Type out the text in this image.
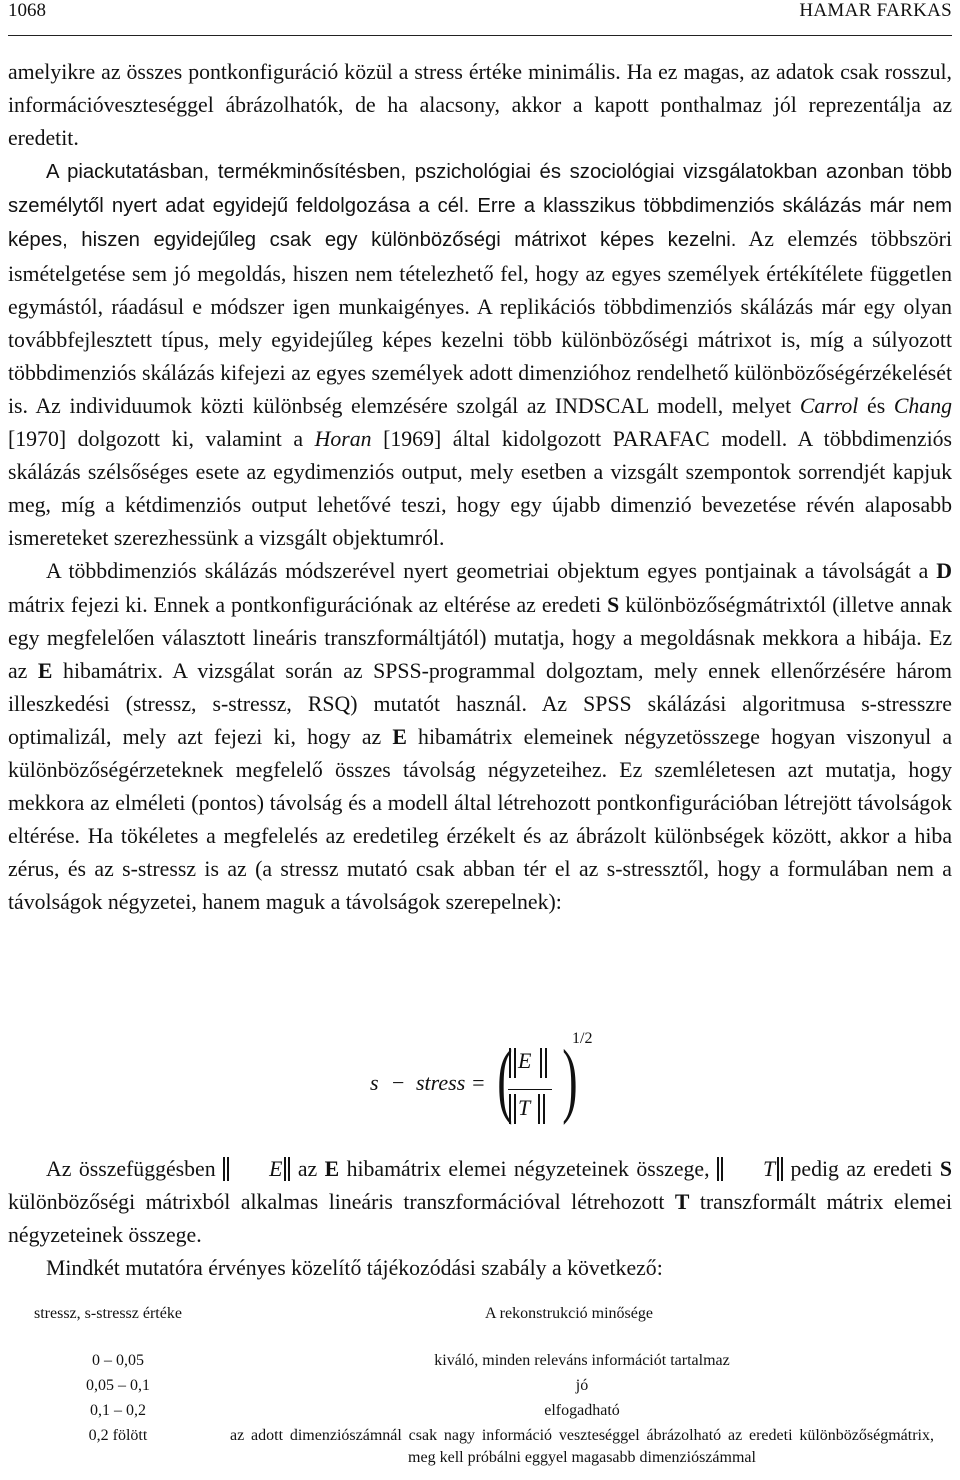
1068	HAMAR FARKAS

amelyikre az összes pontkonfiguráció közül a stress értéke minimális. Ha ez magas, az adatok csak rosszul, információveszteséggel ábrázolhatók, de ha alacsony, akkor a kapott ponthalmaz jól reprezentálja az eredetit.

A piackutatásban, termékminősítésben, pszichológiai és szociológiai vizsgálatokban azonban több személytől nyert adat egyidejű feldolgozása a cél. Erre a klasszikus többdimenziós skálázás már nem képes, hiszen egyidejűleg csak egy különbözőségi mátrixot képes kezelni. Az elemzés többszöri ismételgetése sem jó megoldás, hiszen nem tételezhető fel, hogy az egyes személyek értékítélete független egymástól, ráadásul e módszer igen munkaigényes. A replikációs többdimenziós skálázás már egy olyan továbbfejlesztett típus, mely egyidejűleg képes kezelni több különbözőségi mátrixot is, míg a súlyozott többdimenziós skálázás kifejezi az egyes személyek adott dimenzióhoz rendelhető különbözőségérzékelését is. Az individuumok közti különbség elemzésére szolgál az INDSCAL modell, melyet Carrol és Chang [1970] dolgozott ki, valamint a Horan [1969] által kidolgozott PARAFAC modell. A többdimenziós skálázás szélsőséges esete az egydimenziós output, mely esetben a vizsgált szempontok sorrendjét kapjuk meg, míg a kétdimenziós output lehetővé teszi, hogy egy újabb dimenzió bevezetése révén alaposabb ismereteket szerezhessünk a vizsgált objektumról.

A többdimenziós skálázás módszerével nyert geometriai objektum egyes pontjainak a távolságát a D mátrix fejezi ki. Ennek a pontkonfigurációnak az eltérése az eredeti S különbözőségmátrixtól (illetve annak egy megfelelően választott lineáris transzformáltjától) mutatja, hogy a megoldásnak mekkora a hibája. Ez az E hibamátrix. A vizsgálat során az SPSS-programmal dolgoztam, mely ennek ellenőrzésére három illeszkedési (stressz, s-stressz, RSQ) mutatót használ. Az SPSS skálázási algoritmusa s-stresszre optimalizál, mely azt fejezi ki, hogy az E hibamátrix elemeinek négyzetösszege hogyan viszonyul a különbözőségérzeteknek megfelelő összes távolság négyzeteihez. Ez szemléletesen azt mutatja, hogy mekkora az elméleti (pontos) távolság és a modell által létrehozott pontkonfigurációban létrejött távolságok eltérése. Ha tökéletes a megfelelés az eredetileg érzékelt és az ábrázolt különbségek között, akkor a hiba zérus, és az s-stressz is az (a stressz mutató csak abban tér el az s-stressztől, hogy a formulában nem a távolságok négyzetei, hanem maguk a távolságok szerepelnek):

s − stress = ( )
1/2
E
T

Az összefüggésben E az E hibamátrix elemei négyzeteinek összege, T pedig az eredeti S különbözőségi mátrixból alkalmas lineáris transzformációval létrehozott T transzformált mátrix elemei négyzeteinek összege.

Mindkét mutatóra érvényes közelítő tájékozódási szabály a következő:

stressz, s-stressz értéke	A rekonstrukció minősége
0 – 0,05	kiváló, minden releváns információt tartalmaz
0,05 – 0,1	jó
0,1 – 0,2	elfogadható
0,2 fölött	az adott dimenziószámnál csak nagy információ veszteséggel ábrázolható az eredeti különbözőségmátrix, meg kell próbálni eggyel magasabb dimenziószámmal
